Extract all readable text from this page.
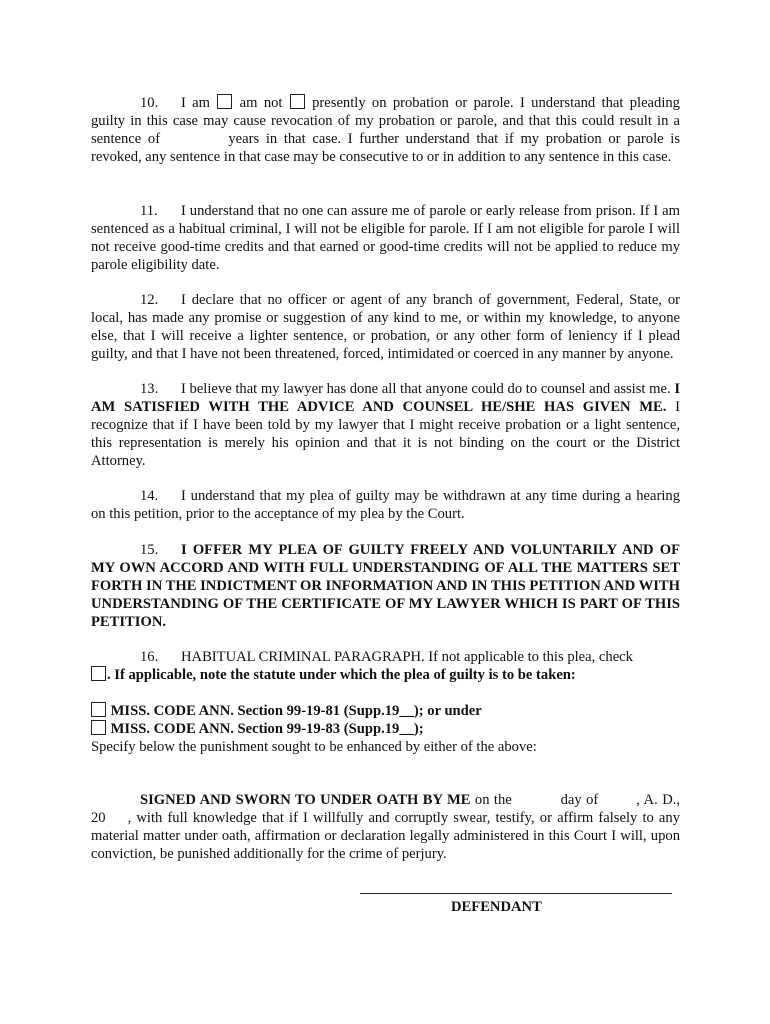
10. I am am not presently on probation or parole. I understand that pleading guilty in this case may cause revocation of my probation or parole, and that this could result in a sentence of	years in that case. I further understand that if my probation or parole is revoked, any sentence in that case may be consecutive to or in addition to any sentence in this case.

11. I understand that no one can assure me of parole or early release from prison. If I am sentenced as a habitual criminal, I will not be eligible for parole. If I am not eligible for parole I will not receive good-time credits and that earned or good-time credits will not be applied to reduce my parole eligibility date.

12. I declare that no officer or agent of any branch of government, Federal, State, or local, has made any promise or suggestion of any kind to me, or within my knowledge, to anyone else, that I will receive a lighter sentence, or probation, or any other form of leniency if I plead guilty, and that I have not been threatened, forced, intimidated or coerced in any manner by anyone.

13. I believe that my lawyer has done all that anyone could do to counsel and assist me. I AM SATISFIED WITH THE ADVICE AND COUNSEL HE/SHE HAS GIVEN ME. I recognize that if I have been told by my lawyer that I might receive probation or a light sentence, this representation is merely his opinion and that it is not binding on the court or the District Attorney.

14. I understand that my plea of guilty may be withdrawn at any time during a hearing on this petition, prior to the acceptance of my plea by the Court.

15. I OFFER MY PLEA OF GUILTY FREELY AND VOLUNTARILY AND OF MY OWN ACCORD AND WITH FULL UNDERSTANDING OF ALL THE MATTERS SET FORTH IN THE INDICTMENT OR INFORMATION AND IN THIS PETITION AND WITH UNDERSTANDING OF THE CERTIFICATE OF MY LAWYER WHICH IS PART OF THIS PETITION.

16. HABITUAL CRIMINAL PARAGRAPH. If not applicable to this plea, check
. If applicable, note the statute under which the plea of guilty is to be taken:

MISS. CODE ANN. Section 99-19-81 (Supp.19__); or under
MISS. CODE ANN. Section 99-19-83 (Supp.19__);
Specify below the punishment sought to be enhanced by either of the above:

SIGNED AND SWORN TO UNDER OATH BY ME on the	day of	, A. D., 20 , with full knowledge that if I willfully and corruptly swear, testify, or affirm falsely to any material matter under oath, affirmation or declaration legally administered in this Court I will, upon conviction, be punished additionally for the crime of perjury.

DEFENDANT
